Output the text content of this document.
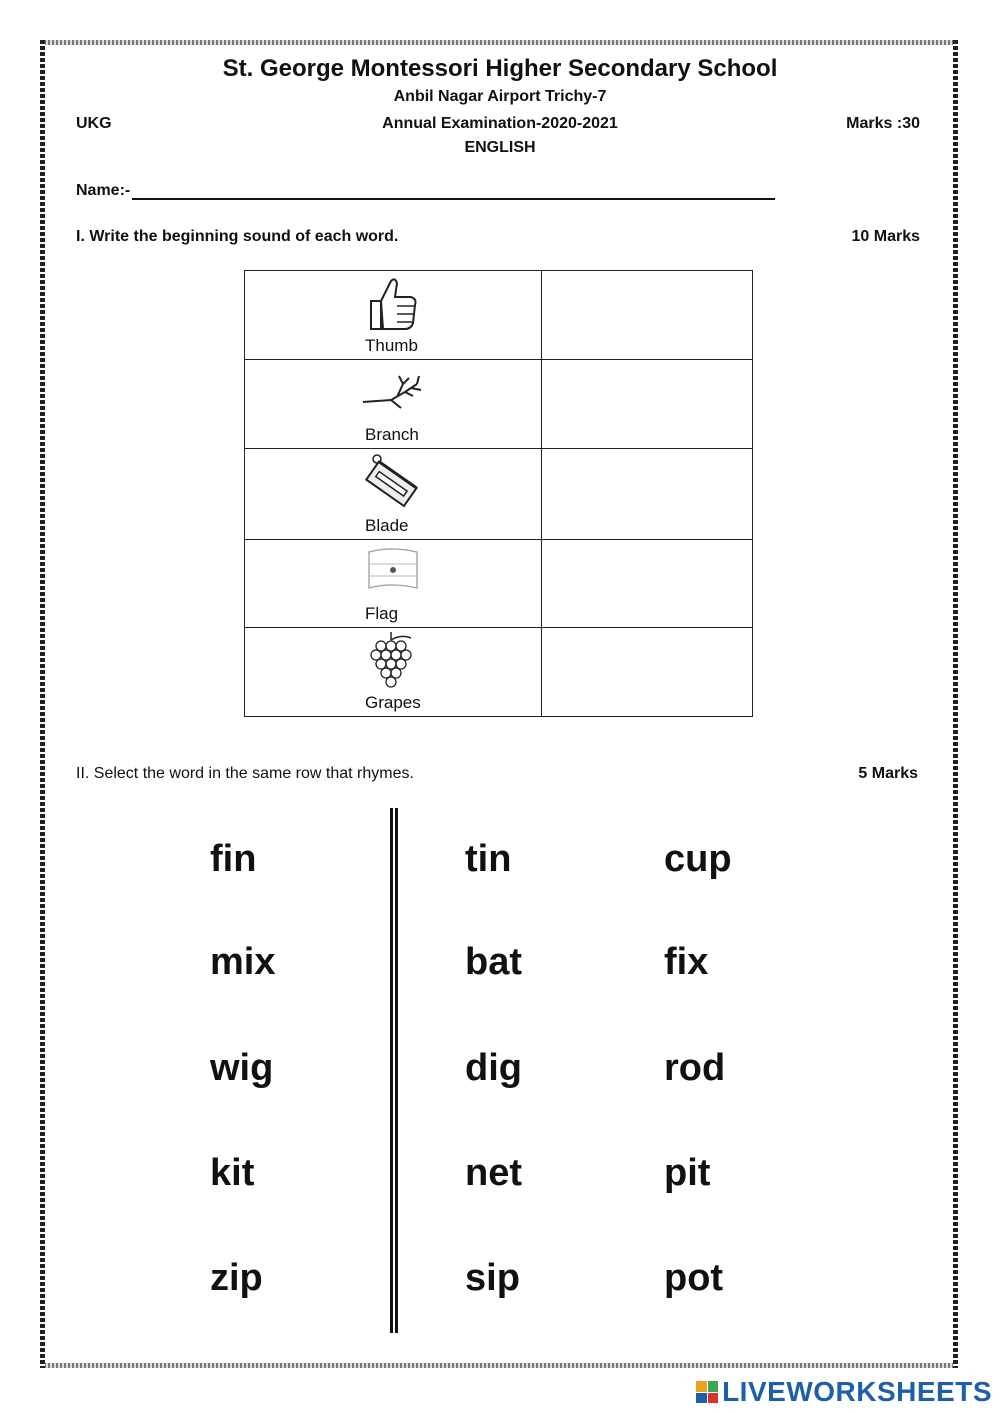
St. George Montessori Higher Secondary School
Anbil Nagar Airport Trichy-7
UKG	Annual Examination-2020-2021	Marks :30
ENGLISH
Name:-
I. Write the beginning sound of each word.	10 Marks
Thumb	

Branch	

Blade	

Flag	

Grapes	

II. Select the word in the same row that rhymes.	5 Marks
fin	tin	cup
mix	bat	fix
wig	dig	rod
kit	net	pit
zip	sip	pot
LIVEWORKSHEETS
